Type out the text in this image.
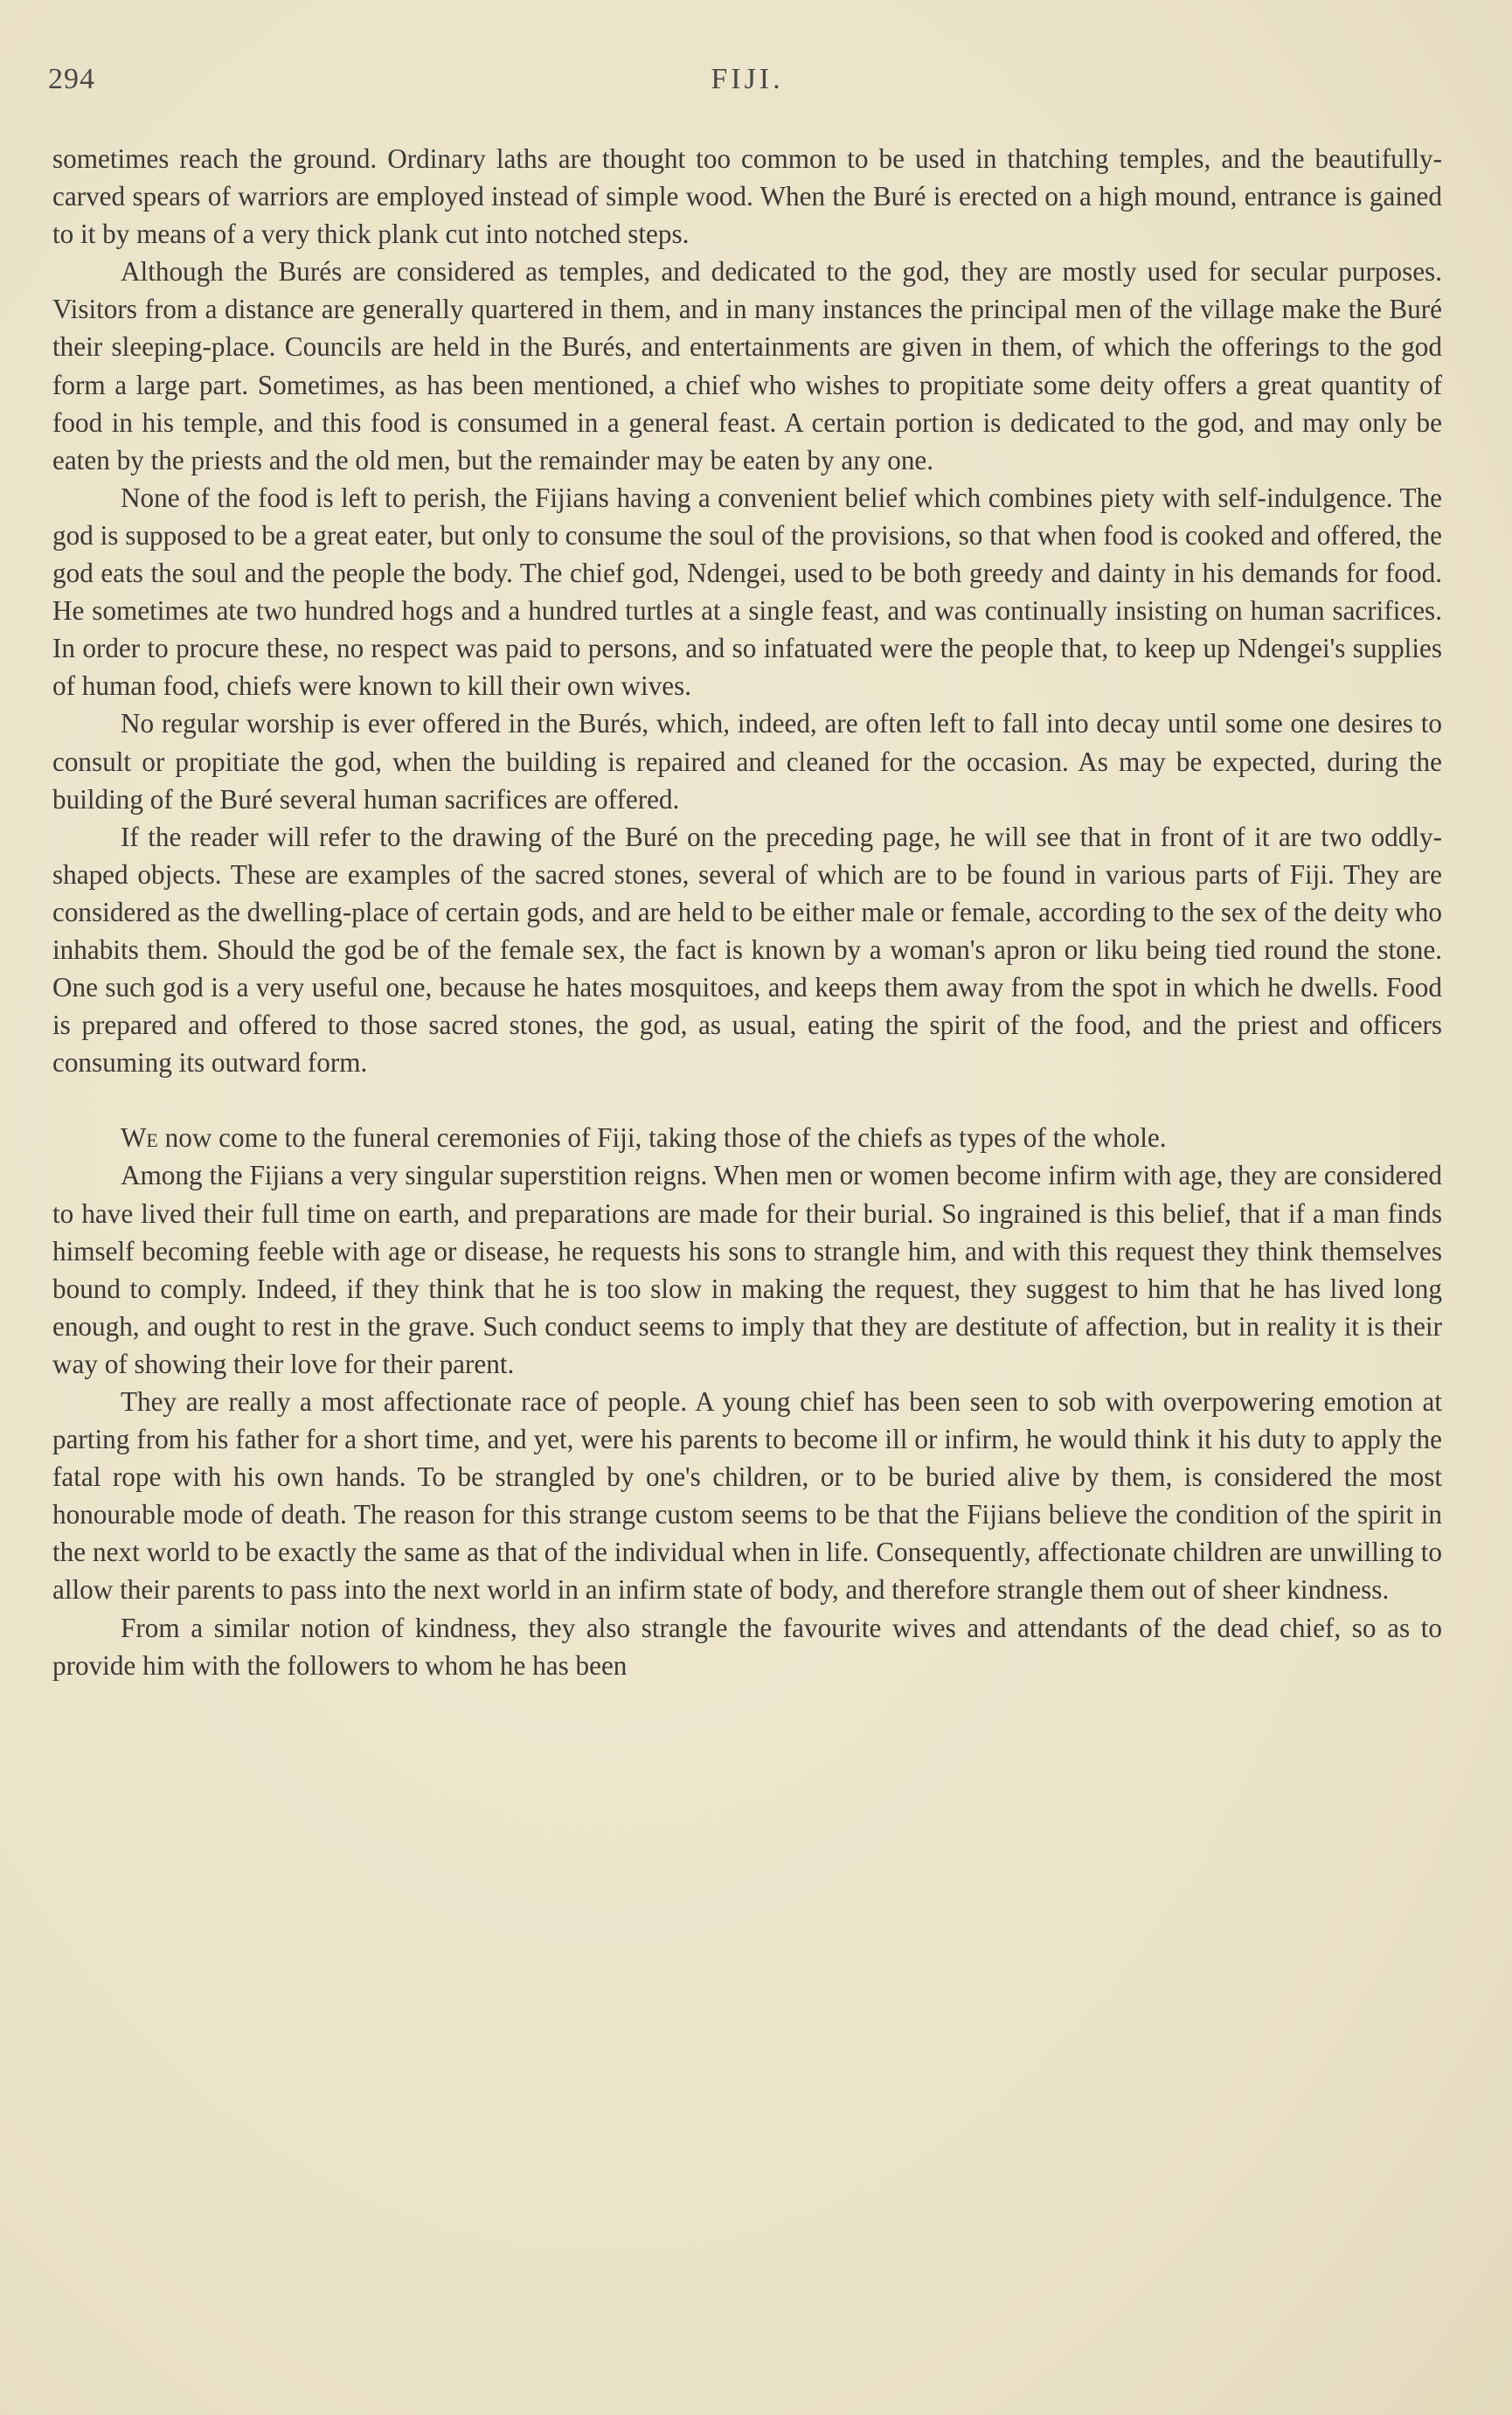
294	FIJI.

sometimes reach the ground. Ordinary laths are thought too common to be used in thatching temples, and the beautifully-carved spears of warriors are employed instead of simple wood. When the Buré is erected on a high mound, entrance is gained to it by means of a very thick plank cut into notched steps.

Although the Burés are considered as temples, and dedicated to the god, they are mostly used for secular purposes. Visitors from a distance are generally quartered in them, and in many instances the principal men of the village make the Buré their sleeping-place. Councils are held in the Burés, and entertainments are given in them, of which the offerings to the god form a large part. Sometimes, as has been mentioned, a chief who wishes to propitiate some deity offers a great quantity of food in his temple, and this food is consumed in a general feast. A certain portion is dedicated to the god, and may only be eaten by the priests and the old men, but the remainder may be eaten by any one.

None of the food is left to perish, the Fijians having a convenient belief which combines piety with self-indulgence. The god is supposed to be a great eater, but only to consume the soul of the provisions, so that when food is cooked and offered, the god eats the soul and the people the body. The chief god, Ndengei, used to be both greedy and dainty in his demands for food. He sometimes ate two hundred hogs and a hundred turtles at a single feast, and was continually insisting on human sacrifices. In order to procure these, no respect was paid to persons, and so infatuated were the people that, to keep up Ndengei's supplies of human food, chiefs were known to kill their own wives.

No regular worship is ever offered in the Burés, which, indeed, are often left to fall into decay until some one desires to consult or propitiate the god, when the building is repaired and cleaned for the occasion. As may be expected, during the building of the Buré several human sacrifices are offered.

If the reader will refer to the drawing of the Buré on the preceding page, he will see that in front of it are two oddly-shaped objects. These are examples of the sacred stones, several of which are to be found in various parts of Fiji. They are considered as the dwelling-place of certain gods, and are held to be either male or female, according to the sex of the deity who inhabits them. Should the god be of the female sex, the fact is known by a woman's apron or liku being tied round the stone. One such god is a very useful one, because he hates mosquitoes, and keeps them away from the spot in which he dwells. Food is prepared and offered to those sacred stones, the god, as usual, eating the spirit of the food, and the priest and officers consuming its outward form.

We now come to the funeral ceremonies of Fiji, taking those of the chiefs as types of the whole.

Among the Fijians a very singular superstition reigns. When men or women become infirm with age, they are considered to have lived their full time on earth, and preparations are made for their burial. So ingrained is this belief, that if a man finds himself becoming feeble with age or disease, he requests his sons to strangle him, and with this request they think themselves bound to comply. Indeed, if they think that he is too slow in making the request, they suggest to him that he has lived long enough, and ought to rest in the grave. Such conduct seems to imply that they are destitute of affection, but in reality it is their way of showing their love for their parent.

They are really a most affectionate race of people. A young chief has been seen to sob with overpowering emotion at parting from his father for a short time, and yet, were his parents to become ill or infirm, he would think it his duty to apply the fatal rope with his own hands. To be strangled by one's children, or to be buried alive by them, is considered the most honourable mode of death. The reason for this strange custom seems to be that the Fijians believe the condition of the spirit in the next world to be exactly the same as that of the individual when in life. Consequently, affectionate children are unwilling to allow their parents to pass into the next world in an infirm state of body, and therefore strangle them out of sheer kindness.

From a similar notion of kindness, they also strangle the favourite wives and attendants of the dead chief, so as to provide him with the followers to whom he has been
